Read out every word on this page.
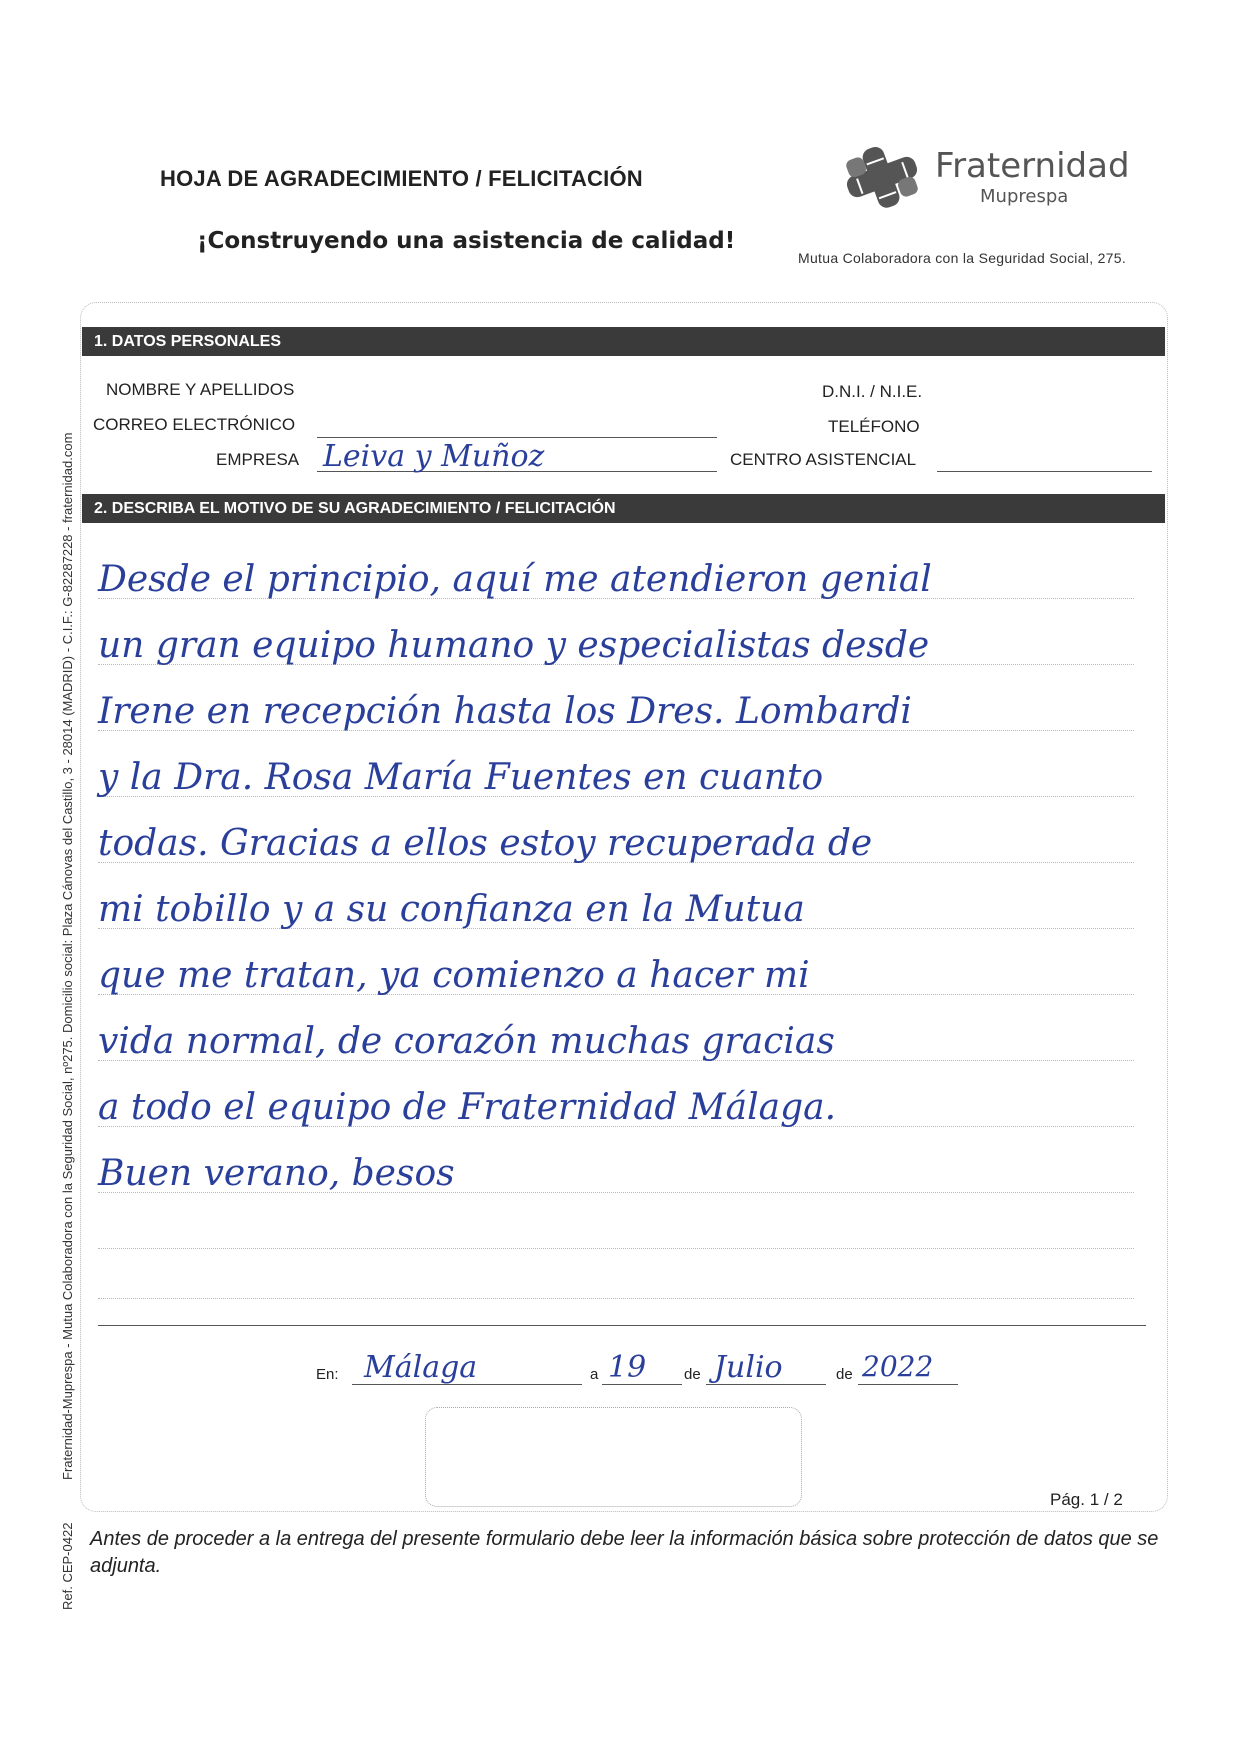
HOJA DE AGRADECIMIENTO / FELICITACIÓN
¡Construyendo una asistencia de calidad!
Fraternidad
Muprespa
Mutua Colaboradora con la Seguridad Social, 275.
1. DATOS PERSONALES
NOMBRE Y APELLIDOS	D.N.I. / N.I.E.
CORREO ELECTRÓNICO	TELÉFONO
EMPRESA Leiva y Muñoz	CENTRO ASISTENCIAL
2. DESCRIBA EL MOTIVO DE SU AGRADECIMIENTO / FELICITACIÓN
Desde el principio, aquí me atendieron genial
un gran equipo humano y especialistas desde
Irene en recepción hasta los Dres. Lombardi
y la Dra. Rosa María Fuentes en cuanto
todas. Gracias a ellos estoy recuperada de
mi tobillo y a su confianza en la Mutua
que me tratan, ya comienzo a hacer mi
vida normal, de corazón muchas gracias
a todo el equipo de Fraternidad Málaga.
Buen verano, besos
En: Málaga	a 19	de Julio	de 2022
Pág. 1 / 2
Antes de proceder a la entrega del presente formulario debe leer la información básica sobre protección de datos que se adjunta.
Fraternidad-Muprespa - Mutua Colaboradora con la Seguridad Social, nº275. Domicilio social: Plaza Cánovas del Castillo, 3 - 28014 (MADRID) - C.I.F.: G-82287228 - fraternidad.com
Ref. CEP-0422
